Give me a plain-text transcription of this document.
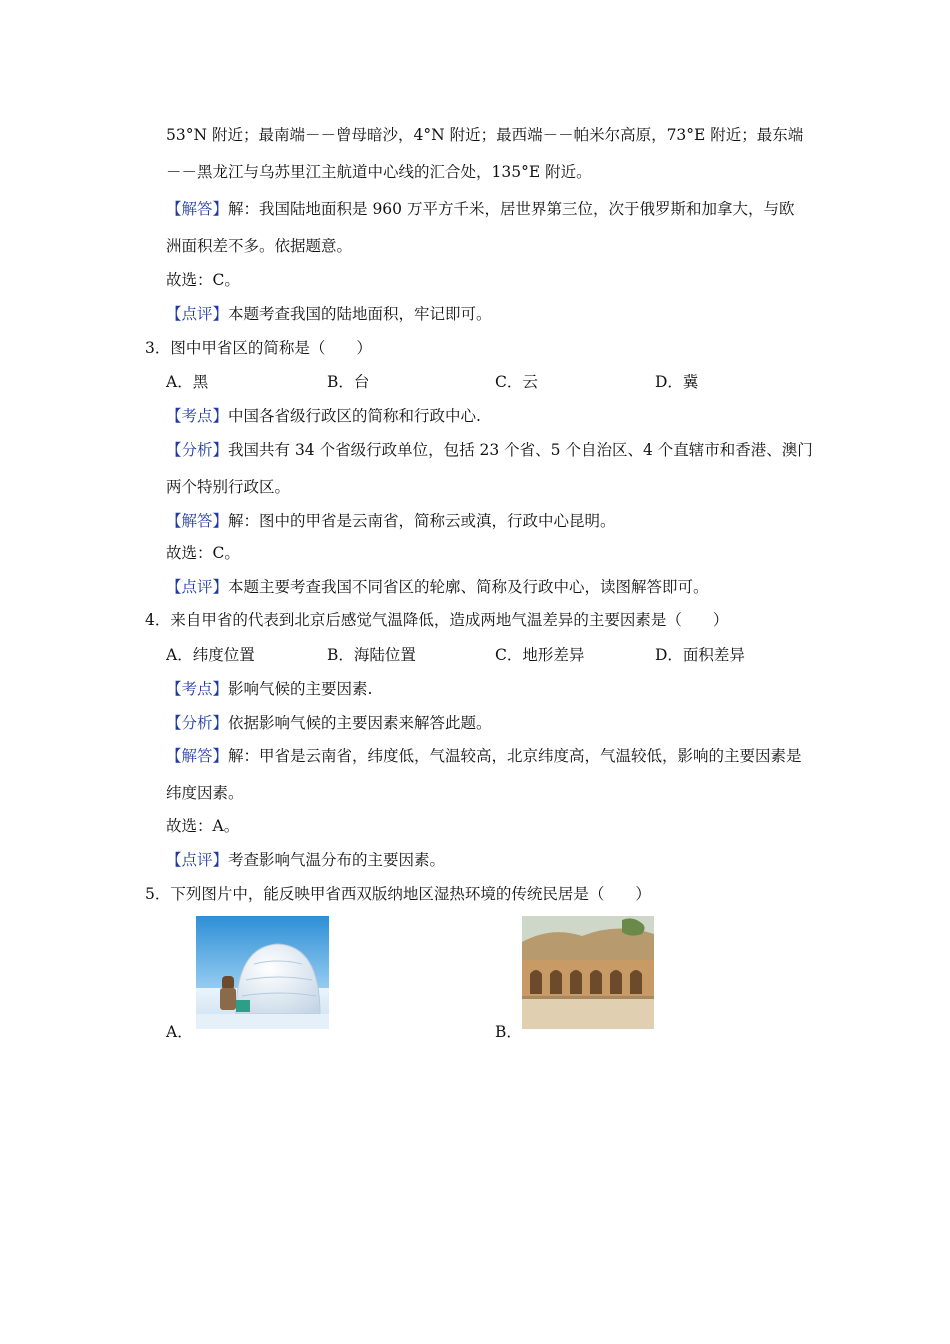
53°N 附近；最南端－－曾母暗沙，4°N 附近；最西端－－帕米尔高原，73°E 附近；最东端
－－黑龙江与乌苏里江主航道中心线的汇合处，135°E 附近。
【解答】解：我国陆地面积是 960 万平方千米，居世界第三位，次于俄罗斯和加拿大，与欧
洲面积差不多。依据题意。
故选：C。
【点评】本题考查我国的陆地面积，牢记即可。
3．图中甲省区的简称是（　　）
A．黑	B．台	C．云	D．冀
【考点】中国各省级行政区的简称和行政中心.
【分析】我国共有 34 个省级行政单位，包括 23 个省、5 个自治区、4 个直辖市和香港、澳门
两个特别行政区。
【解答】解：图中的甲省是云南省，简称云或滇，行政中心昆明。
故选：C。
【点评】本题主要考查我国不同省区的轮廓、简称及行政中心，读图解答即可。
4．来自甲省的代表到北京后感觉气温降低，造成两地气温差异的主要因素是（　　）
A．纬度位置	B．海陆位置	C．地形差异	D．面积差异
【考点】影响气候的主要因素.
【分析】依据影响气候的主要因素来解答此题。
【解答】解：甲省是云南省，纬度低，气温较高，北京纬度高，气温较低，影响的主要因素是
纬度因素。
故选：A。
【点评】考查影响气温分布的主要因素。
5．下列图片中，能反映甲省西双版纳地区湿热环境的传统民居是（　　）
A．	B．
